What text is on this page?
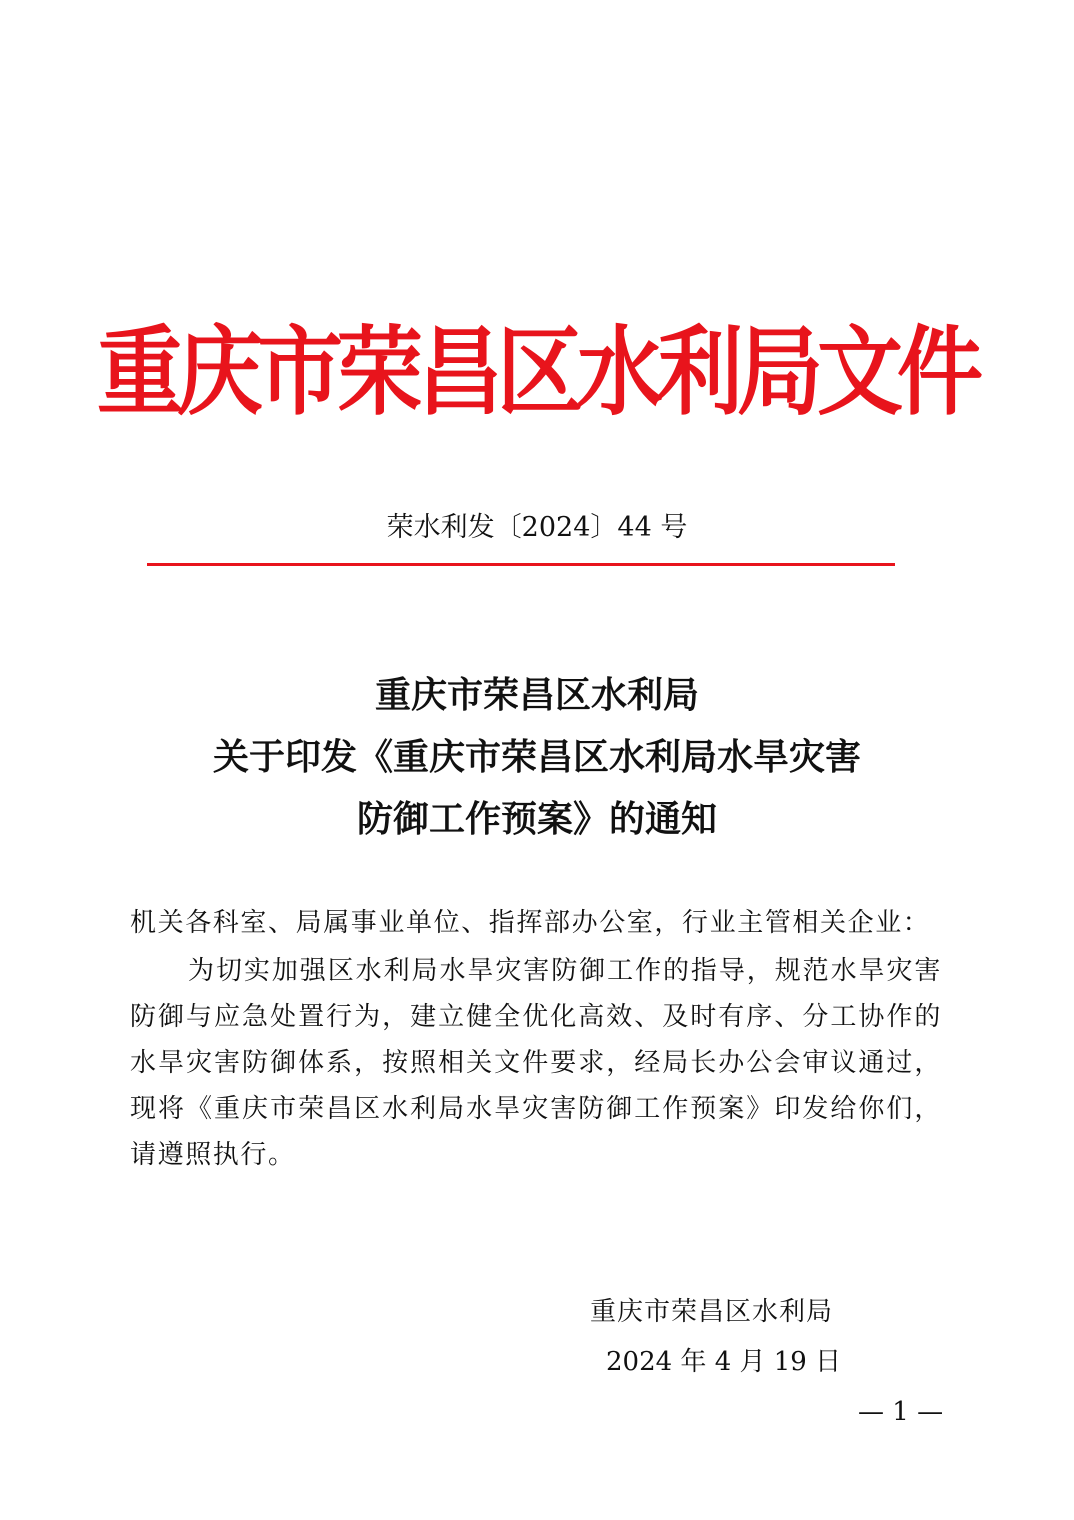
重庆市荣昌区水利局文件
荣水利发〔2024〕44 号
重庆市荣昌区水利局
关于印发《重庆市荣昌区水利局水旱灾害
防御工作预案》的通知
机关各科室、局属事业单位、指挥部办公室，行业主管相关企业：

为切实加强区水利局水旱灾害防御工作的指导，规范水旱灾害防御与应急处置行为，建立健全优化高效、及时有序、分工协作的水旱灾害防御体系，按照相关文件要求，经局长办公会审议通过，现将《重庆市荣昌区水利局水旱灾害防御工作预案》印发给你们，请遵照执行。

重庆市荣昌区水利局
2024 年 4 月 19 日
— 1 —
